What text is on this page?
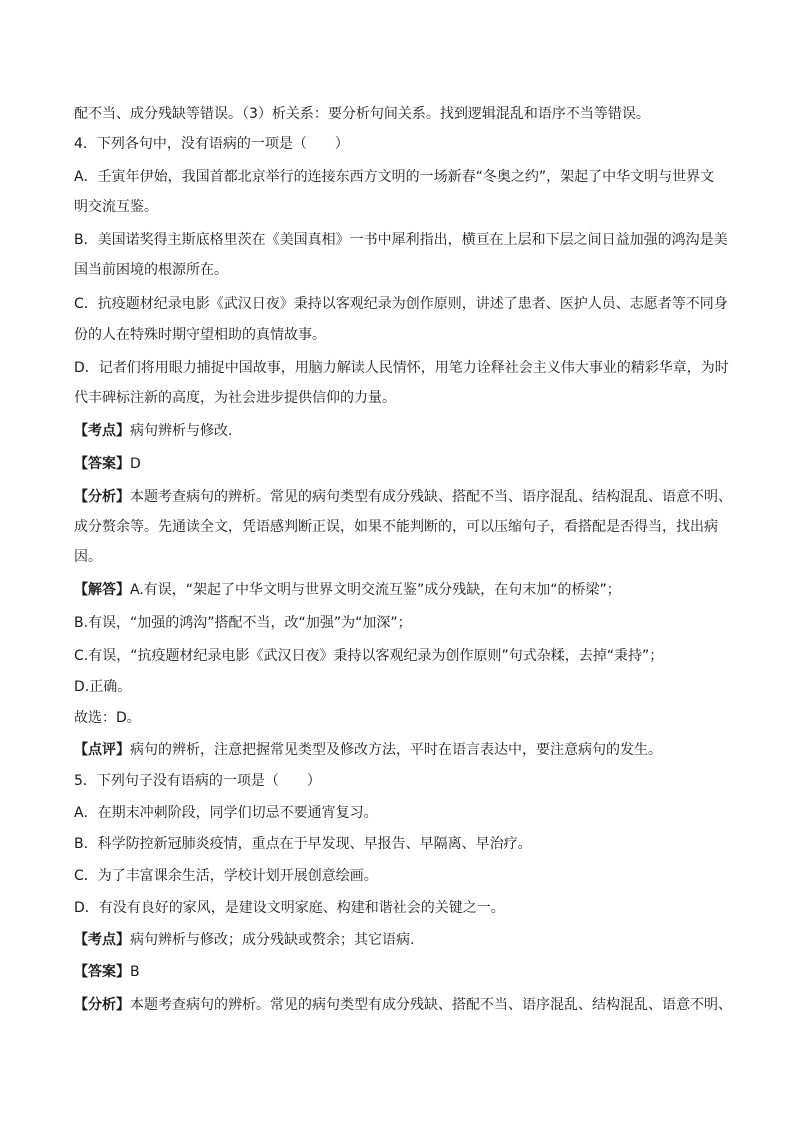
配不当、成分残缺等错误。（3）析关系：要分析句间关系。找到逻辑混乱和语序不当等错误。
4．下列各句中，没有语病的一项是（　　）
A．壬寅年伊始，我国首都北京举行的连接东西方文明的一场新春“冬奥之约”，架起了中华文明与世界文
明交流互鉴。
B．美国诺奖得主斯底格里茨在《美国真相》一书中犀利指出，横亘在上层和下层之间日益加强的鸿沟是美
国当前困境的根源所在。
C．抗疫题材纪录电影《武汉日夜》秉持以客观纪录为创作原则，讲述了患者、医护人员、志愿者等不同身
份的人在特殊时期守望相助的真情故事。
D．记者们将用眼力捕捉中国故事，用脑力解读人民情怀，用笔力诠释社会主义伟大事业的精彩华章，为时
代丰碑标注新的高度，为社会进步提供信仰的力量。
【考点】病句辨析与修改.
【答案】D
【分析】本题考查病句的辨析。常见的病句类型有成分残缺、搭配不当、语序混乱、结构混乱、语意不明、
成分赘余等。先通读全文，凭语感判断正误，如果不能判断的，可以压缩句子，看搭配是否得当，找出病
因。
【解答】A.有误，“架起了中华文明与世界文明交流互鉴”成分残缺，在句末加“的桥梁”；
B.有误，“加强的鸿沟”搭配不当，改“加强”为“加深”；
C.有误，“抗疫题材纪录电影《武汉日夜》秉持以客观纪录为创作原则”句式杂糅，去掉“秉持”；
D.正确。
故选：D。
【点评】病句的辨析，注意把握常见类型及修改方法，平时在语言表达中，要注意病句的发生。
5．下列句子没有语病的一项是（　　）
A．在期末冲刺阶段，同学们切忌不要通宵复习。
B．科学防控新冠肺炎疫情，重点在于早发现、早报告、早隔离、早治疗。
C．为了丰富课余生活，学校计划开展创意绘画。
D．有没有良好的家风，是建设文明家庭、构建和谐社会的关键之一。
【考点】病句辨析与修改；成分残缺或赘余；其它语病.
【答案】B
【分析】本题考查病句的辨析。常见的病句类型有成分残缺、搭配不当、语序混乱、结构混乱、语意不明、
